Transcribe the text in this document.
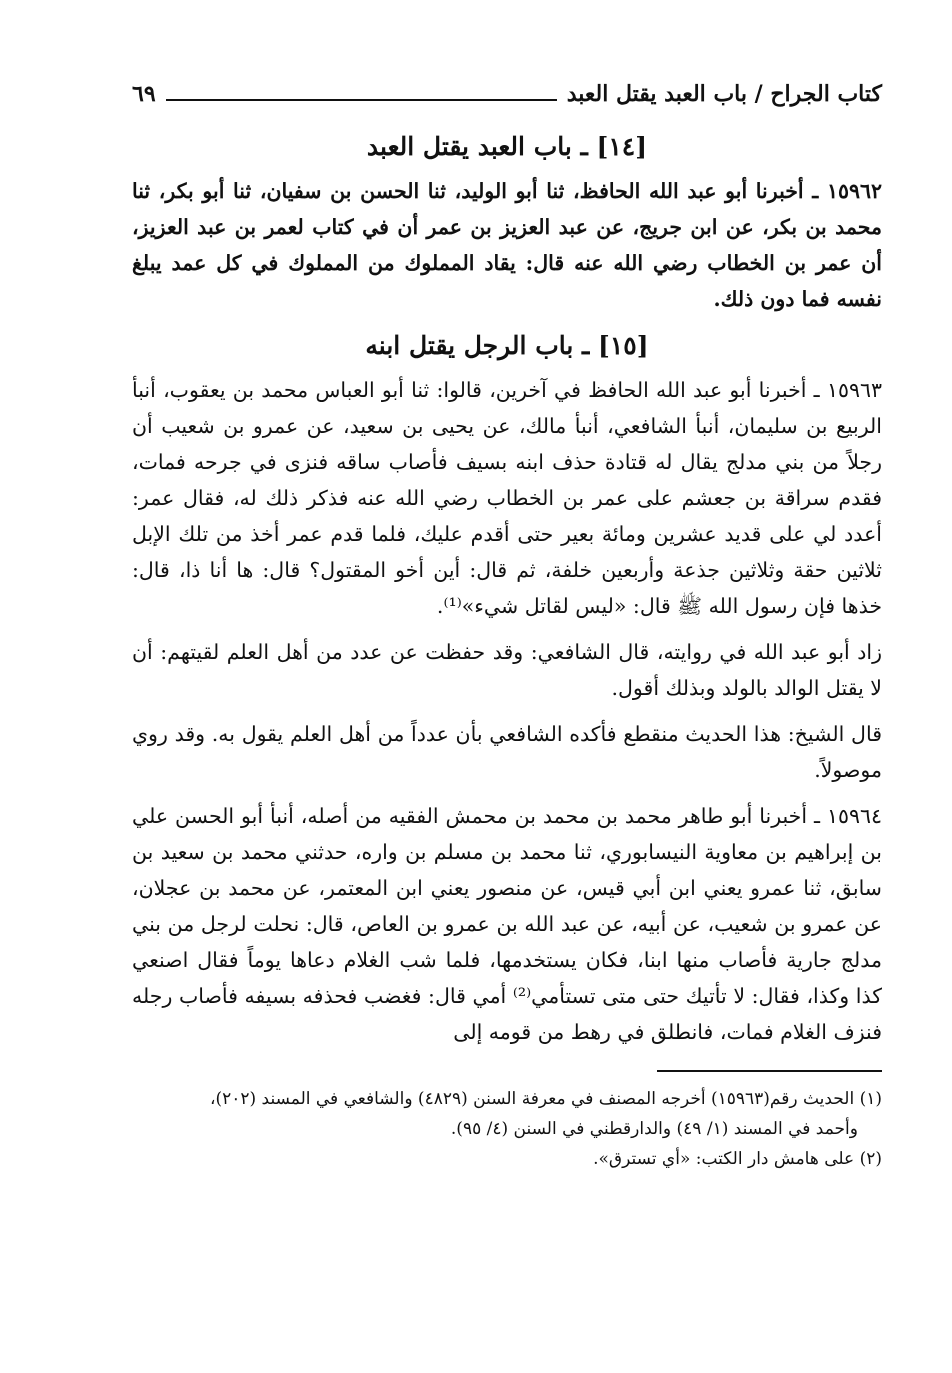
كتاب الجراح / باب العبد يقتل العبد
٦٩
[١٤] ـ باب العبد يقتل العبد

١٥٩٦٢ ـ أخبرنا أبو عبد الله الحافظ، ثنا أبو الوليد، ثنا الحسن بن سفيان، ثنا أبو بكر، ثنا محمد بن بكر، عن ابن جريج، عن عبد العزيز بن عمر أن في كتاب لعمر بن عبد العزيز، أن عمر بن الخطاب رضي الله عنه قال: يقاد المملوك من المملوك في كل عمد يبلغ نفسه فما دون ذلك.

[١٥] ـ باب الرجل يقتل ابنه

١٥٩٦٣ ـ أخبرنا أبو عبد الله الحافظ في آخرين، قالوا: ثنا أبو العباس محمد بن يعقوب، أنبأ الربيع بن سليمان، أنبأ الشافعي، أنبأ مالك، عن يحيى بن سعيد، عن عمرو بن شعيب أن رجلاً من بني مدلج يقال له قتادة حذف ابنه بسيف فأصاب ساقه فنزى في جرحه فمات، فقدم سراقة بن جعشم على عمر بن الخطاب رضي الله عنه فذكر ذلك له، فقال عمر: أعدد لي على قديد عشرين ومائة بعير حتى أقدم عليك، فلما قدم عمر أخذ من تلك الإبل ثلاثين حقة وثلاثين جذعة وأربعين خلفة، ثم قال: أين أخو المقتول؟ قال: ها أنا ذا، قال: خذها فإن رسول الله ﷺ قال: «ليس لقاتل شيء»⁽¹⁾.

زاد أبو عبد الله في روايته، قال الشافعي: وقد حفظت عن عدد من أهل العلم لقيتهم: أن لا يقتل الوالد بالولد وبذلك أقول.

قال الشيخ: هذا الحديث منقطع فأكده الشافعي بأن عدداً من أهل العلم يقول به. وقد روي موصولاً.

١٥٩٦٤ ـ أخبرنا أبو طاهر محمد بن محمد بن محمش الفقيه من أصله، أنبأ أبو الحسن علي بن إبراهيم بن معاوية النيسابوري، ثنا محمد بن مسلم بن واره، حدثني محمد بن سعيد بن سابق، ثنا عمرو يعني ابن أبي قيس، عن منصور يعني ابن المعتمر، عن محمد بن عجلان، عن عمرو بن شعيب، عن أبيه، عن عبد الله بن عمرو بن العاص، قال: نحلت لرجل من بني مدلج جارية فأصاب منها ابنا، فكان يستخدمها، فلما شب الغلام دعاها يوماً فقال اصنعي كذا وكذا، فقال: لا تأتيك حتى متى تستأمي⁽²⁾ أمي قال: فغضب فحذفه بسيفه فأصاب رجله فنزف الغلام فمات، فانطلق في رهط من قومه إلى

(١) الحديث رقم(١٥٩٦٣) أخرجه المصنف في معرفة السنن (٤٨٢٩) والشافعي في المسند (٢٠٢)،
وأحمد في المسند (١/ ٤٩) والدارقطني في السنن (٤/ ٩٥).

(٢) على هامش دار الكتب: «أي تسترق».
